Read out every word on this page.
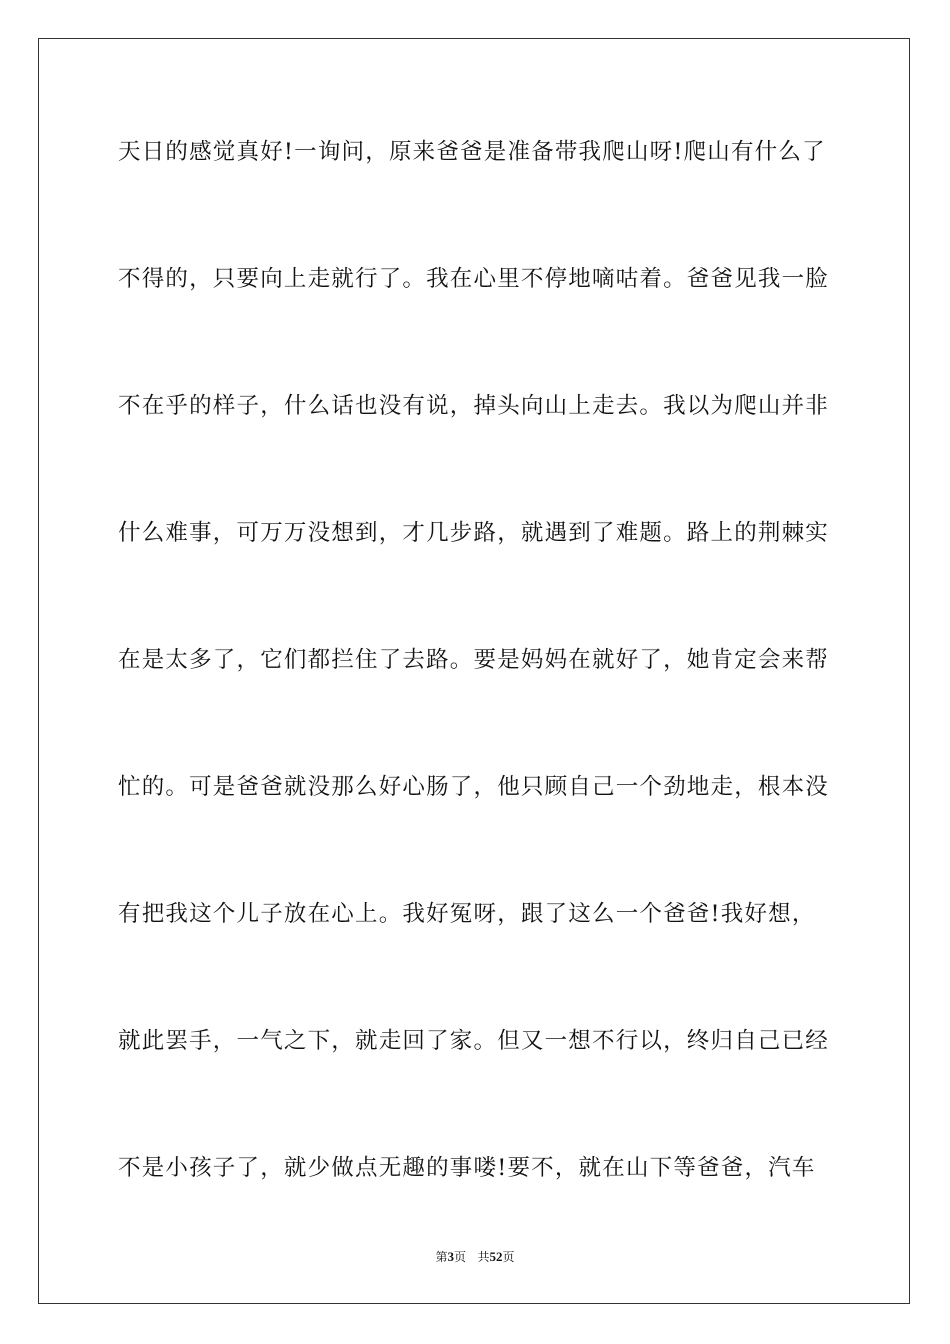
天日的感觉真好!一询问，原来爸爸是准备带我爬山呀!爬山有什么了
不得的，只要向上走就行了。我在心里不停地嘀咕着。爸爸见我一脸
不在乎的样子，什么话也没有说，掉头向山上走去。我以为爬山并非
什么难事，可万万没想到，才几步路，就遇到了难题。路上的荆棘实
在是太多了，它们都拦住了去路。要是妈妈在就好了，她肯定会来帮
忙的。可是爸爸就没那么好心肠了，他只顾自己一个劲地走，根本没
有把我这个儿子放在心上。我好冤呀，跟了这么一个爸爸!我好想，
就此罢手，一气之下，就走回了家。但又一想不行以，终归自己已经
不是小孩子了，就少做点无趣的事喽!要不，就在山下等爸爸，汽车
第3页 共52页
